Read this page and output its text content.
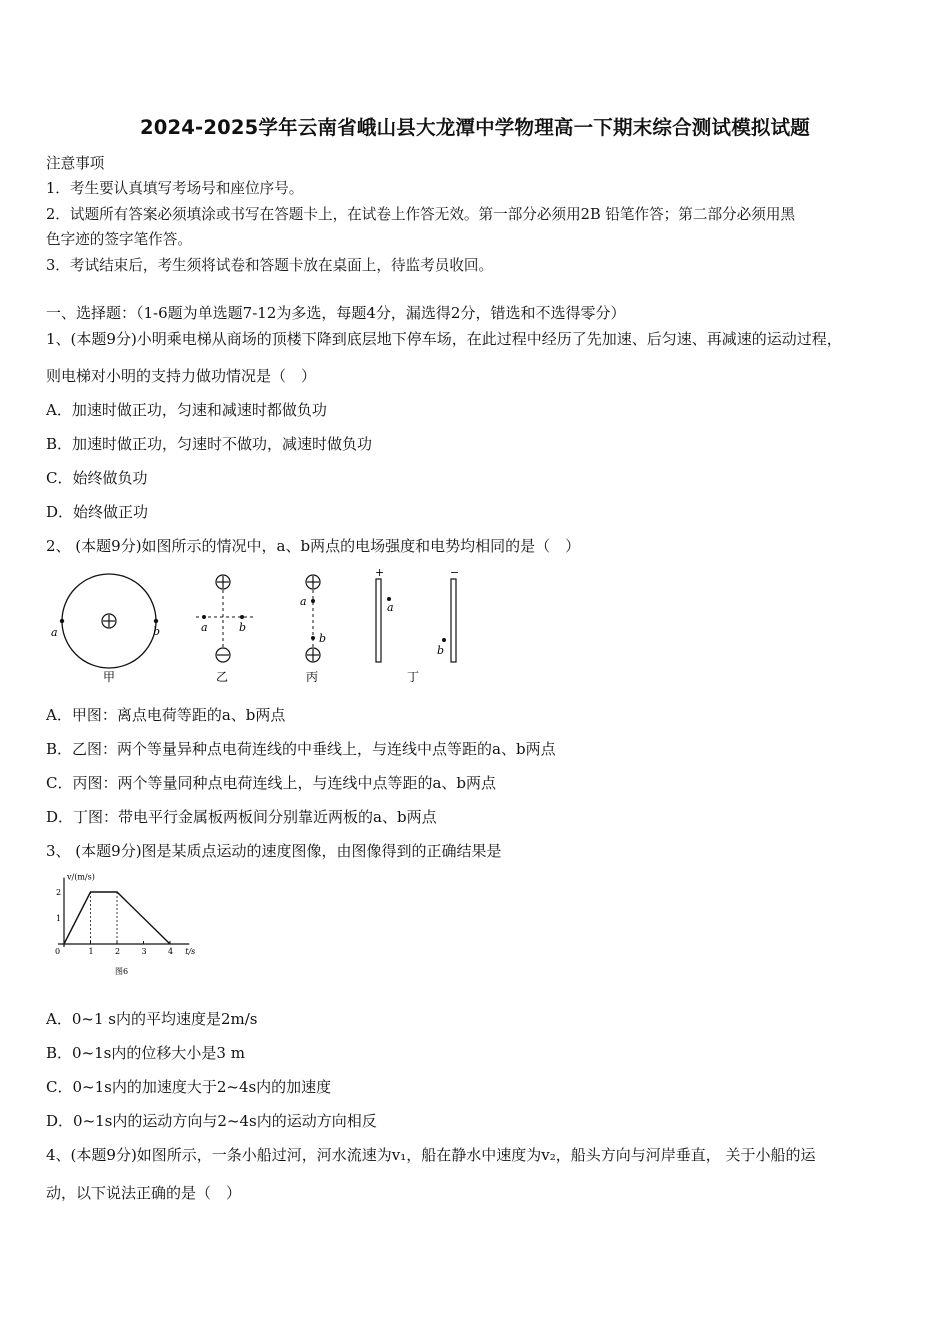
2024-2025学年云南省峨山县大龙潭中学物理高一下期末综合测试模拟试题
注意事项
1．考生要认真填写考场号和座位序号。
2．试题所有答案必须填涂或书写在答题卡上，在试卷上作答无效。第一部分必须用2B 铅笔作答；第二部分必须用黑
色字迹的签字笔作答。
3．考试结束后，考生须将试卷和答题卡放在桌面上，待监考员收回。
一、选择题：（1-6题为单选题7-12为多选，每题4分，漏选得2分，错选和不选得零分）
1、(本题9分)小明乘电梯从商场的顶楼下降到底层地下停车场，在此过程中经历了先加速、后匀速、再减速的运动过程，
则电梯对小明的支持力做功情况是（　）
A．加速时做正功，匀速和减速时都做负功
B．加速时做正功，匀速时不做功，减速时做负功
C．始终做负功
D．始终做正功
2、 (本题9分)如图所示的情况中，a、b两点的电场强度和电势均相同的是（　）
a	b
甲
a	b
乙
a
b
丙
+	−
a
b
丁
A．甲图：离点电荷等距的a、b两点
B．乙图：两个等量异种点电荷连线的中垂线上，与连线中点等距的a、b两点
C．丙图：两个等量同种点电荷连线上，与连线中点等距的a、b两点
D．丁图：带电平行金属板两板间分别靠近两板的a、b两点
3、 (本题9分)图是某质点运动的速度图像，由图像得到的正确结果是
v/(m/s)
t/s
图6
0	1	2	3	4
1
2
A．0~1 s内的平均速度是2m/s
B．0~1s内的位移大小是3 m
C．0~1s内的加速度大于2~4s内的加速度
D．0~1s内的运动方向与2~4s内的运动方向相反
4、(本题9分)如图所示，一条小船过河，河水流速为v₁，船在静水中速度为v₂，船头方向与河岸垂直， 关于小船的运
动，以下说法正确的是（　）
